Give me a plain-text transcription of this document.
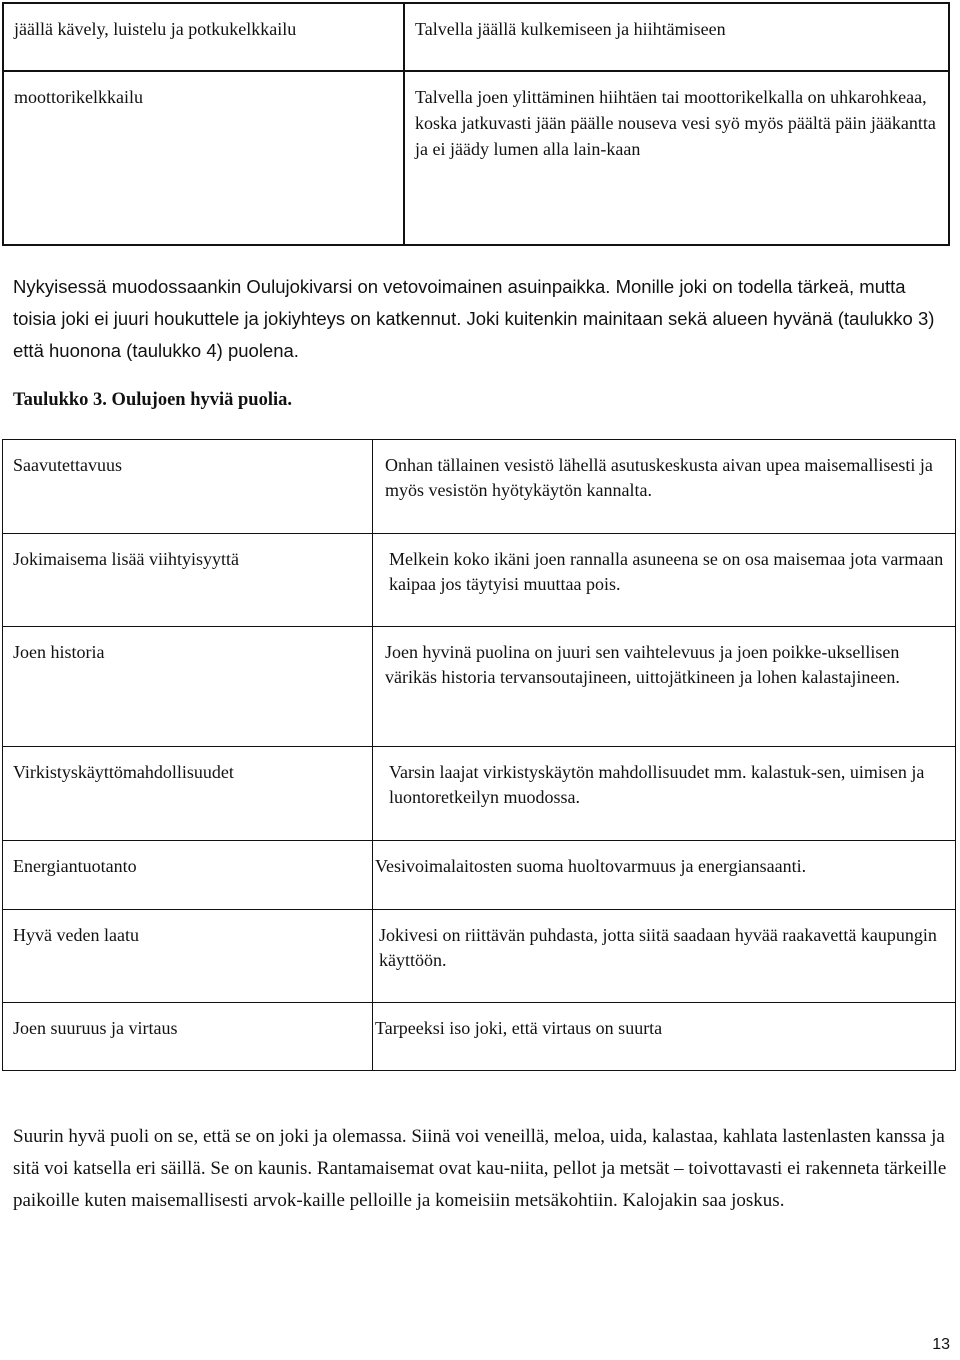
jäällä kävely, luistelu ja potkukelkkailu	Talvella jäällä kulkemiseen ja hiihtämiseen
moottorikelkkailu	Talvella joen ylittäminen hiihtäen tai moottorikelkalla on uhkarohkeaa, koska jatkuvasti jään päälle nouseva vesi syö myös päältä päin jääkantta ja ei jäädy lumen alla lain-kaan

Nykyisessä muodossaankin Oulujokivarsi on vetovoimainen asuinpaikka. Monille joki on todella tärkeä, mutta toisia joki ei juuri houkuttele ja jokiyhteys on katkennut. Joki kuitenkin mainitaan sekä alueen hyvänä (taulukko 3) että huonona (taulukko 4) puolena.

Taulukko 3. Oulujoen hyviä puolia.

Saavutettavuus	Onhan tällainen vesistö lähellä asutuskeskusta aivan upea maisemallisesti ja myös vesistön hyötykäytön kannalta.
Jokimaisema lisää viihtyisyyttä	Melkein koko ikäni joen rannalla asuneena se on osa maisemaa jota varmaan kaipaa jos täytyisi muuttaa pois.
Joen historia	Joen hyvinä puolina on juuri sen vaihtelevuus ja joen poikke-uksellisen värikäs historia tervansoutajineen, uittojätkineen ja lohen kalastajineen.
Virkistyskäyttömahdollisuudet	Varsin laajat virkistyskäytön mahdollisuudet mm. kalastuk-sen, uimisen ja luontoretkeilyn muodossa.
Energiantuotanto	Vesivoimalaitosten suoma huoltovarmuus ja energiansaanti.
Hyvä veden laatu	Jokivesi on riittävän puhdasta, jotta siitä saadaan hyvää raakavettä kaupungin käyttöön.
Joen suuruus ja virtaus	Tarpeeksi iso joki, että virtaus on suurta

Suurin hyvä puoli on se, että se on joki ja olemassa. Siinä voi veneillä, meloa, uida, kalastaa, kahlata lastenlasten kanssa ja sitä voi katsella eri säillä. Se on kaunis. Rantamaisemat ovat kau-niita, pellot ja metsät – toivottavasti ei rakenneta tärkeille paikoille kuten maisemallisesti arvok-kaille pelloille ja komeisiin metsäkohtiin. Kalojakin saa joskus.

13
